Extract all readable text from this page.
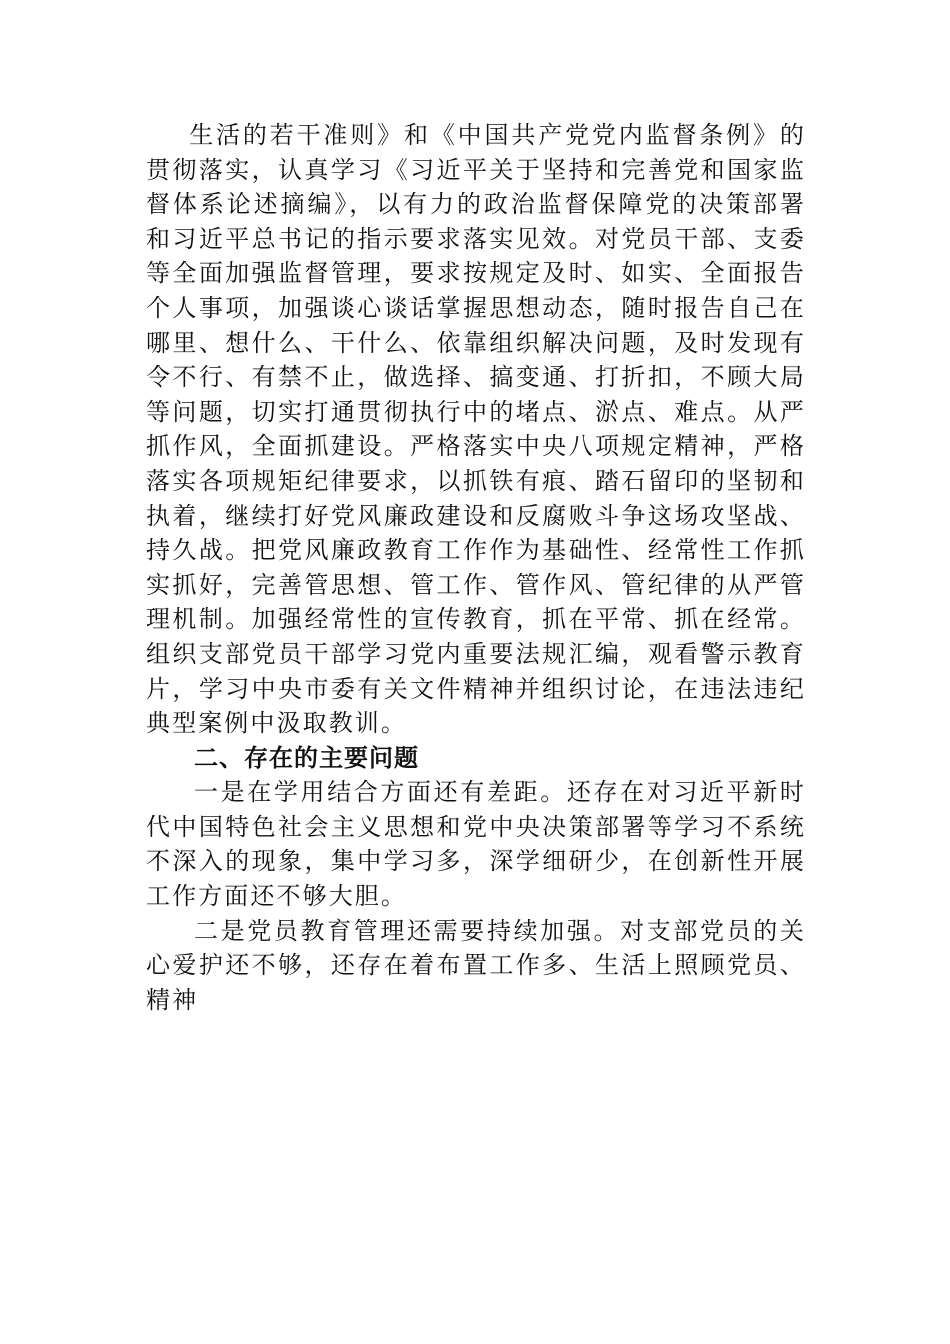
生活的若干准则》和《中国共产党党内监督条例》的贯彻落实，认真学习《习近平关于坚持和完善党和国家监督体系论述摘编》，以有力的政治监督保障党的决策部署和习近平总书记的指示要求落实见效。对党员干部、支委等全面加强监督管理，要求按规定及时、如实、全面报告个人事项，加强谈心谈话掌握思想动态，随时报告自己在哪里、想什么、干什么、依靠组织解决问题，及时发现有令不行、有禁不止，做选择、搞变通、打折扣，不顾大局等问题，切实打通贯彻执行中的堵点、淤点、难点。从严抓作风，全面抓建设。严格落实中央八项规定精神，严格落实各项规矩纪律要求，以抓铁有痕、踏石留印的坚韧和执着，继续打好党风廉政建设和反腐败斗争这场攻坚战、持久战。把党风廉政教育工作作为基础性、经常性工作抓实抓好，完善管思想、管工作、管作风、管纪律的从严管理机制。加强经常性的宣传教育，抓在平常、抓在经常。组织支部党员干部学习党内重要法规汇编，观看警示教育片，学习中央市委有关文件精神并组织讨论，在违法违纪典型案例中汲取教训。

二、存在的主要问题

一是在学用结合方面还有差距。还存在对习近平新时代中国特色社会主义思想和党中央决策部署等学习不系统不深入的现象，集中学习多，深学细研少，在创新性开展工作方面还不够大胆。

二是党员教育管理还需要持续加强。对支部党员的关心爱护还不够，还存在着布置工作多、生活上照顾党员、精神
